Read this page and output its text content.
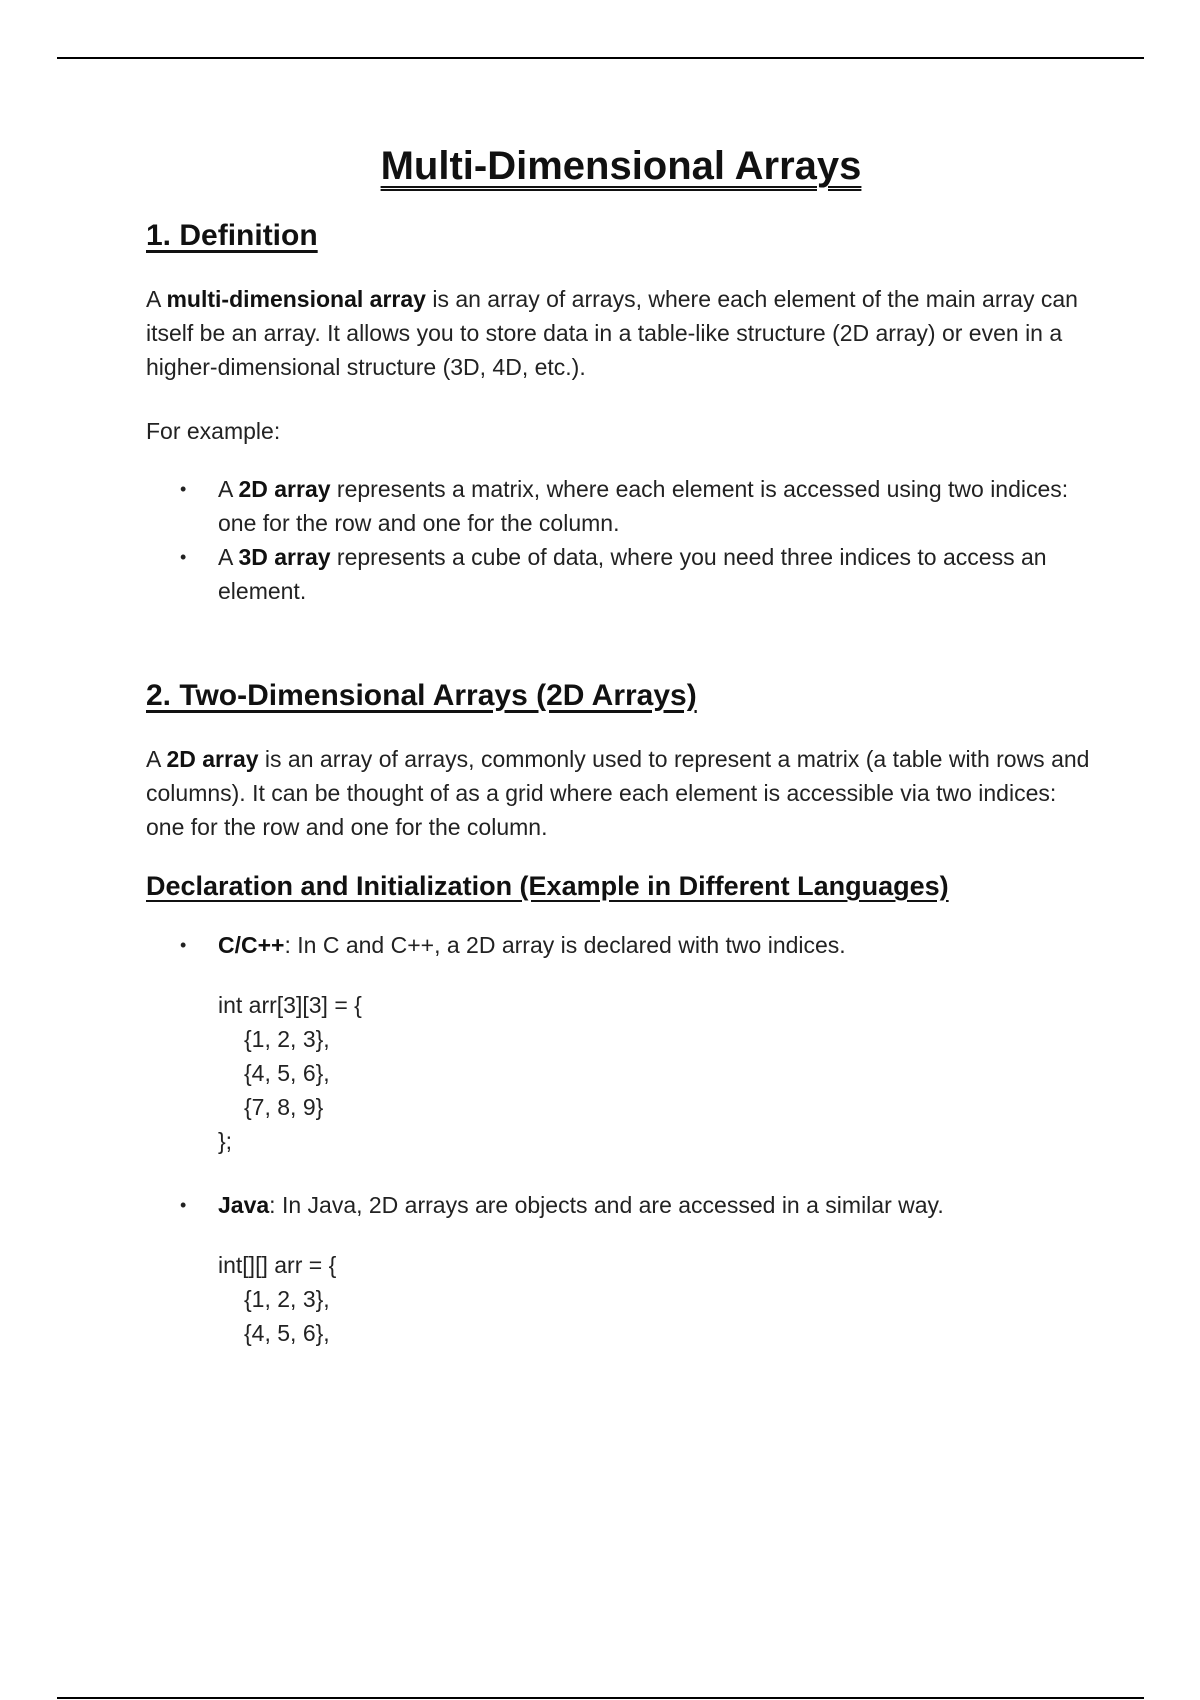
Multi-Dimensional Arrays
1. Definition

A multi-dimensional array is an array of arrays, where each element of the main array can itself be an array. It allows you to store data in a table-like structure (2D array) or even in a higher-dimensional structure (3D, 4D, etc.).

For example:

• A 2D array represents a matrix, where each element is accessed using two indices: one for the row and one for the column.
• A 3D array represents a cube of data, where you need three indices to access an element.
2. Two-Dimensional Arrays (2D Arrays)

A 2D array is an array of arrays, commonly used to represent a matrix (a table with rows and columns). It can be thought of as a grid where each element is accessible via two indices: one for the row and one for the column.

Declaration and Initialization (Example in Different Languages)
• C/C++: In C and C++, a 2D array is declared with two indices.
int arr[3][3] = {
{1, 2, 3},
{4, 5, 6},
{7, 8, 9}
};
• Java: In Java, 2D arrays are objects and are accessed in a similar way.
int[][] arr = {
{1, 2, 3},
{4, 5, 6},
